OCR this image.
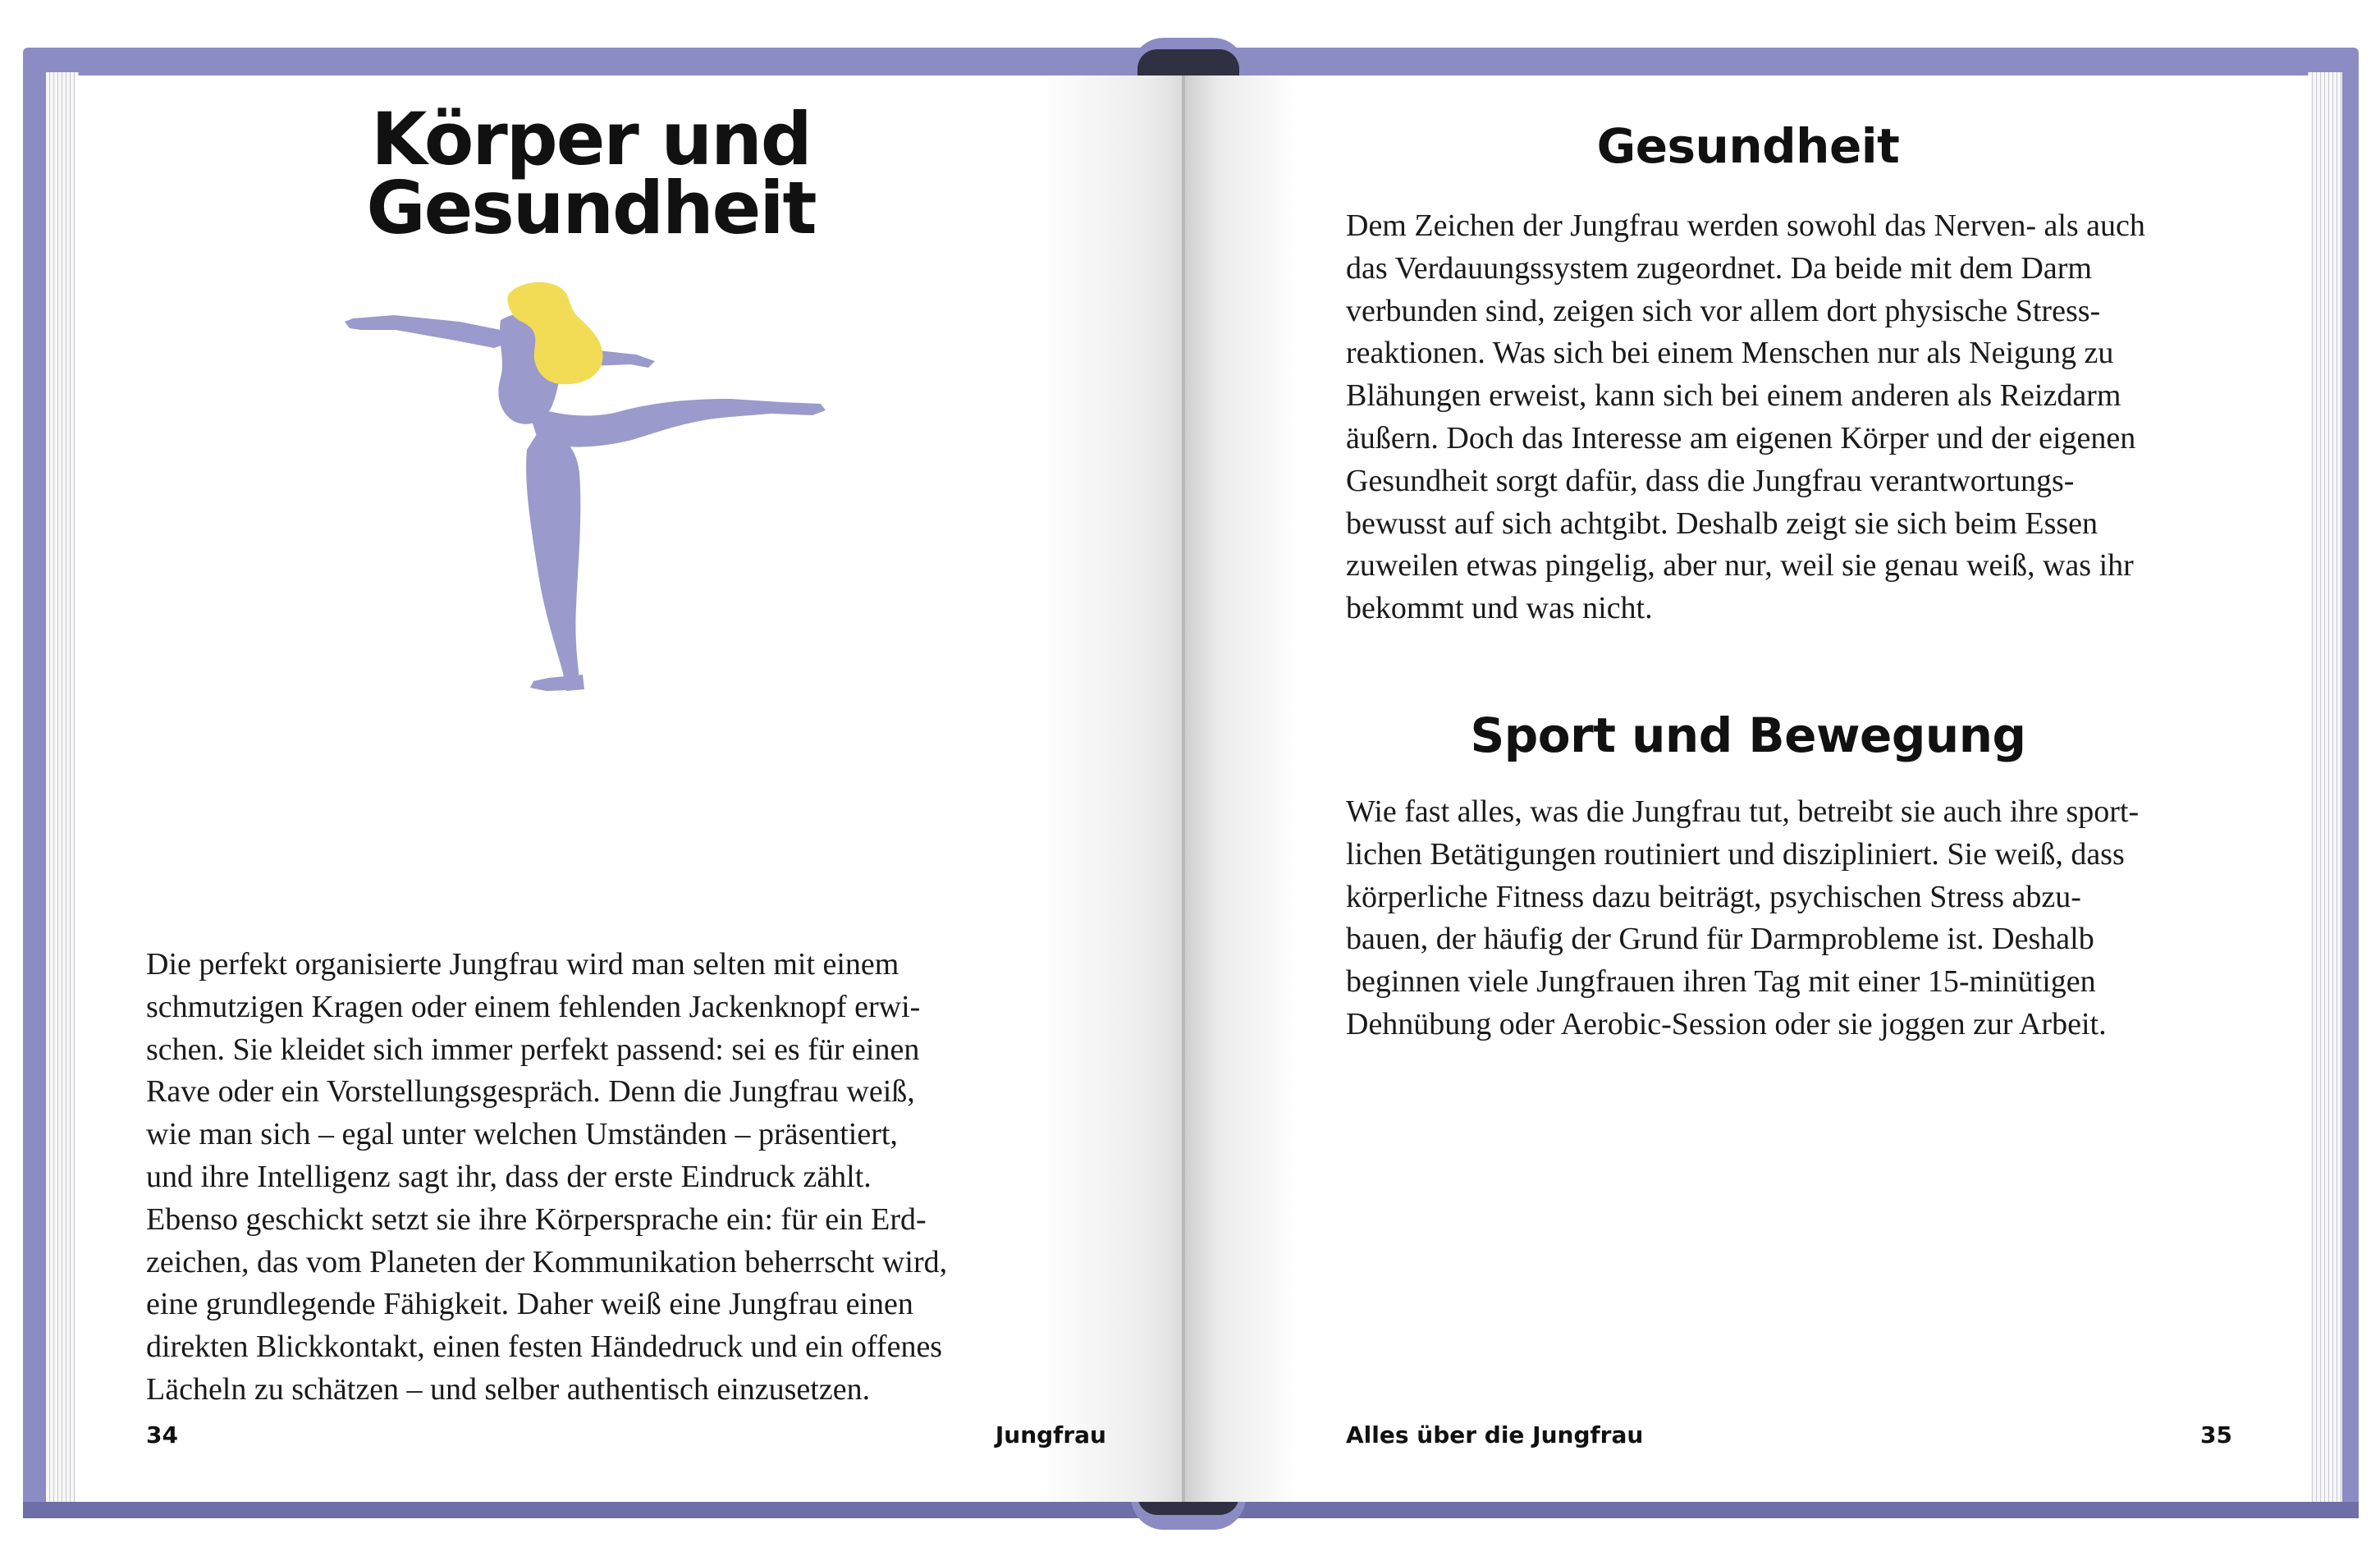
Körper und
Gesundheit

Die perfekt organisierte Jungfrau wird man selten mit einem
schmutzigen Kragen oder einem fehlenden Jackenknopf erwi-
schen. Sie kleidet sich immer perfekt passend: sei es für einen
Rave oder ein Vorstellungsgespräch. Denn die Jungfrau weiß,
wie man sich – egal unter welchen Umständen – präsentiert,
und ihre Intelligenz sagt ihr, dass der erste Eindruck zählt.
Ebenso geschickt setzt sie ihre Körpersprache ein: für ein Erd-
zeichen, das vom Planeten der Kommunikation beherrscht wird,
eine grundlegende Fähigkeit. Daher weiß eine Jungfrau einen
direkten Blickkontakt, einen festen Händedruck und ein offenes
Lächeln zu schätzen – und selber authentisch einzusetzen.

34	Jungfrau
Gesundheit

Dem Zeichen der Jungfrau werden sowohl das Nerven- als auch
das Verdauungssystem zugeordnet. Da beide mit dem Darm
verbunden sind, zeigen sich vor allem dort physische Stress-
reaktionen. Was sich bei einem Menschen nur als Neigung zu
Blähungen erweist, kann sich bei einem anderen als Reizdarm
äußern. Doch das Interesse am eigenen Körper und der eigenen
Gesundheit sorgt dafür, dass die Jungfrau verantwortungs-
bewusst auf sich achtgibt. Deshalb zeigt sie sich beim Essen
zuweilen etwas pingelig, aber nur, weil sie genau weiß, was ihr
bekommt und was nicht.

Sport und Bewegung

Wie fast alles, was die Jungfrau tut, betreibt sie auch ihre sport-
lichen Betätigungen routiniert und diszipliniert. Sie weiß, dass
körperliche Fitness dazu beiträgt, psychischen Stress abzu-
bauen, der häufig der Grund für Darmprobleme ist. Deshalb
beginnen viele Jungfrauen ihren Tag mit einer 15-minütigen
Dehnübung oder Aerobic-Session oder sie joggen zur Arbeit.

Alles über die Jungfrau	35
